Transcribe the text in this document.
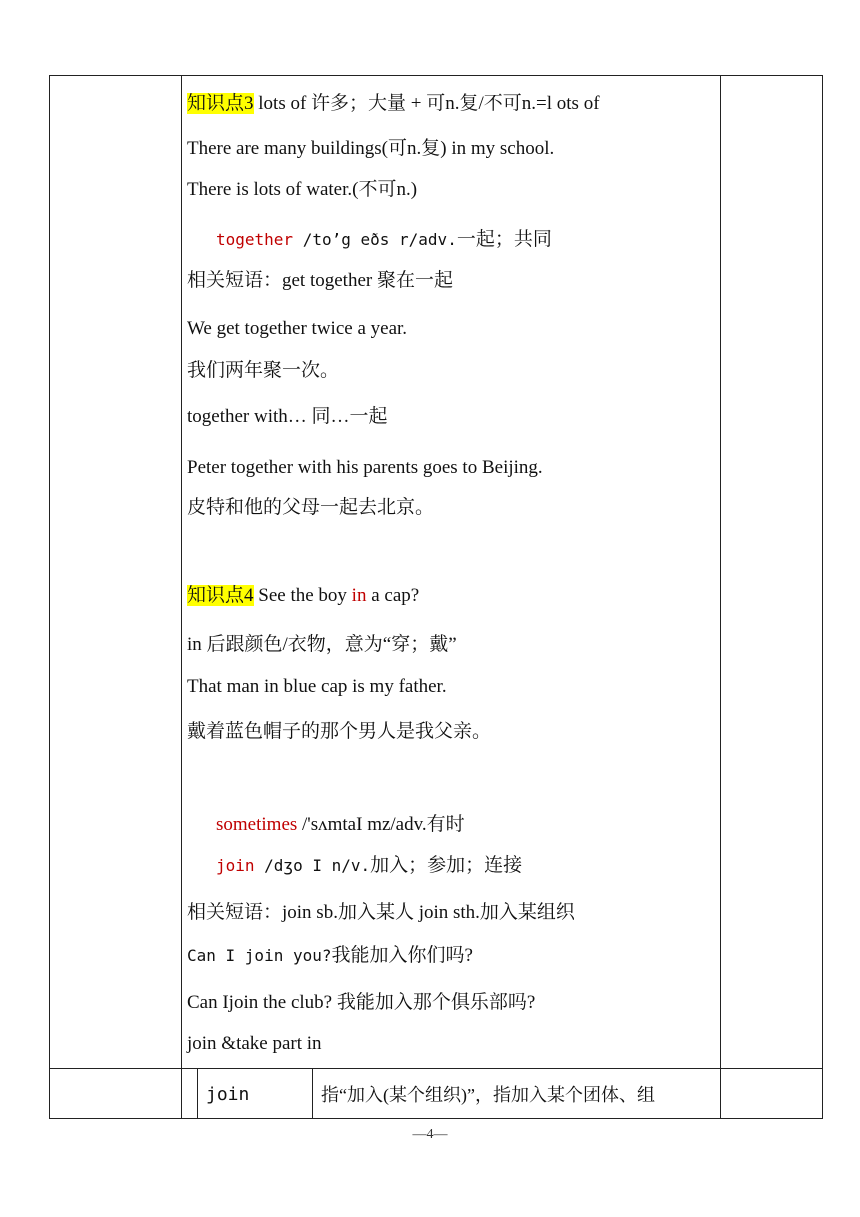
知识点3 lots of 许多；大量 + 可n.复/不可n.=l ots of
There are many buildings(可n.复) in my school.
There is lots of water.(不可n.)
together /to’g eðs r/adv.一起；共同
相关短语：get together 聚在一起
We get together twice a year.
我们两年聚一次。
together with… 同…一起
Peter together with his parents goes to Beijing.
皮特和他的父母一起去北京。
知识点4 See the boy in a cap?
in 后跟颜色/衣物，意为“穿；戴”
That man in blue cap is my father.
戴着蓝色帽子的那个男人是我父亲。
sometimes /'sʌmtaI mz/adv.有时
join /dʒo I n/v.加入；参加；连接
相关短语：join sb.加入某人 join sth.加入某组织
Can I join you?我能加入你们吗?
Can Ijoin the club? 我能加入那个俱乐部吗?
join &take part in
join	指“加入(某个组织)”，指加入某个团体、组
—4—
